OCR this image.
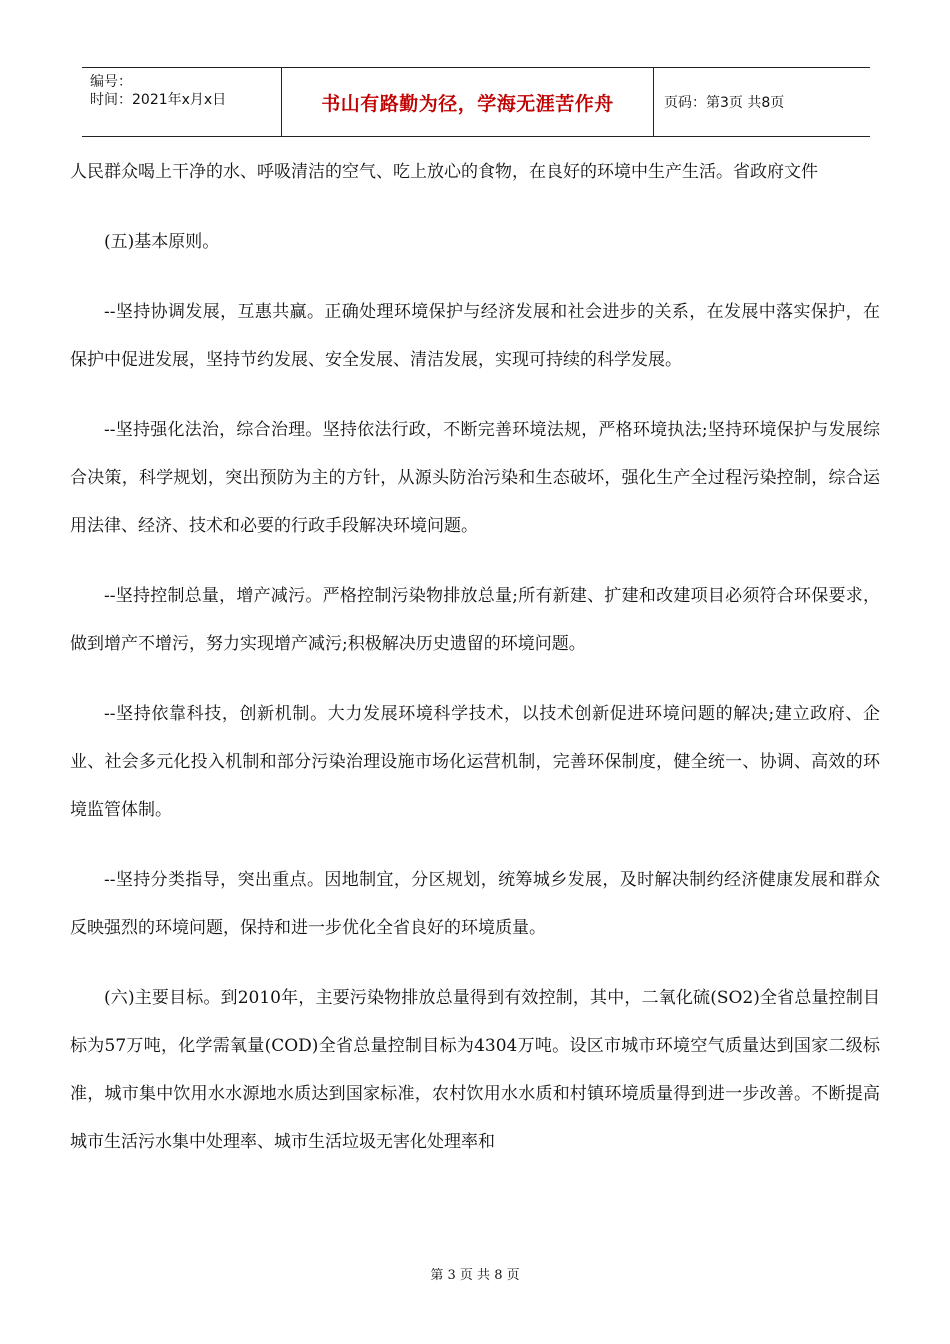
编号：
时间：2021年x月x日	书山有路勤为径，学海无涯苦作舟	页码：第3页 共8页

人民群众喝上干净的水、呼吸清洁的空气、吃上放心的食物，在良好的环境中生产生活。省政府文件

(五)基本原则。

--坚持协调发展，互惠共赢。正确处理环境保护与经济发展和社会进步的关系，在发展中落实保护，在保护中促进发展，坚持节约发展、安全发展、清洁发展，实现可持续的科学发展。

--坚持强化法治，综合治理。坚持依法行政，不断完善环境法规，严格环境执法;坚持环境保护与发展综合决策，科学规划，突出预防为主的方针，从源头防治污染和生态破坏，强化生产全过程污染控制，综合运用法律、经济、技术和必要的行政手段解决环境问题。

--坚持控制总量，增产减污。严格控制污染物排放总量;所有新建、扩建和改建项目必须符合环保要求，做到增产不增污，努力实现增产减污;积极解决历史遗留的环境问题。

--坚持依靠科技，创新机制。大力发展环境科学技术，以技术创新促进环境问题的解决;建立政府、企业、社会多元化投入机制和部分污染治理设施市场化运营机制，完善环保制度，健全统一、协调、高效的环境监管体制。

--坚持分类指导，突出重点。因地制宜，分区规划，统筹城乡发展，及时解决制约经济健康发展和群众反映强烈的环境问题，保持和进一步优化全省良好的环境质量。

(六)主要目标。到2010年，主要污染物排放总量得到有效控制，其中，二氧化硫(SO2)全省总量控制目标为57万吨，化学需氧量(COD)全省总量控制目标为4304万吨。设区市城市环境空气质量达到国家二级标准，城市集中饮用水水源地水质达到国家标准，农村饮用水水质和村镇环境质量得到进一步改善。不断提高城市生活污水集中处理率、城市生活垃圾无害化处理率和

第 3 页 共 8 页
